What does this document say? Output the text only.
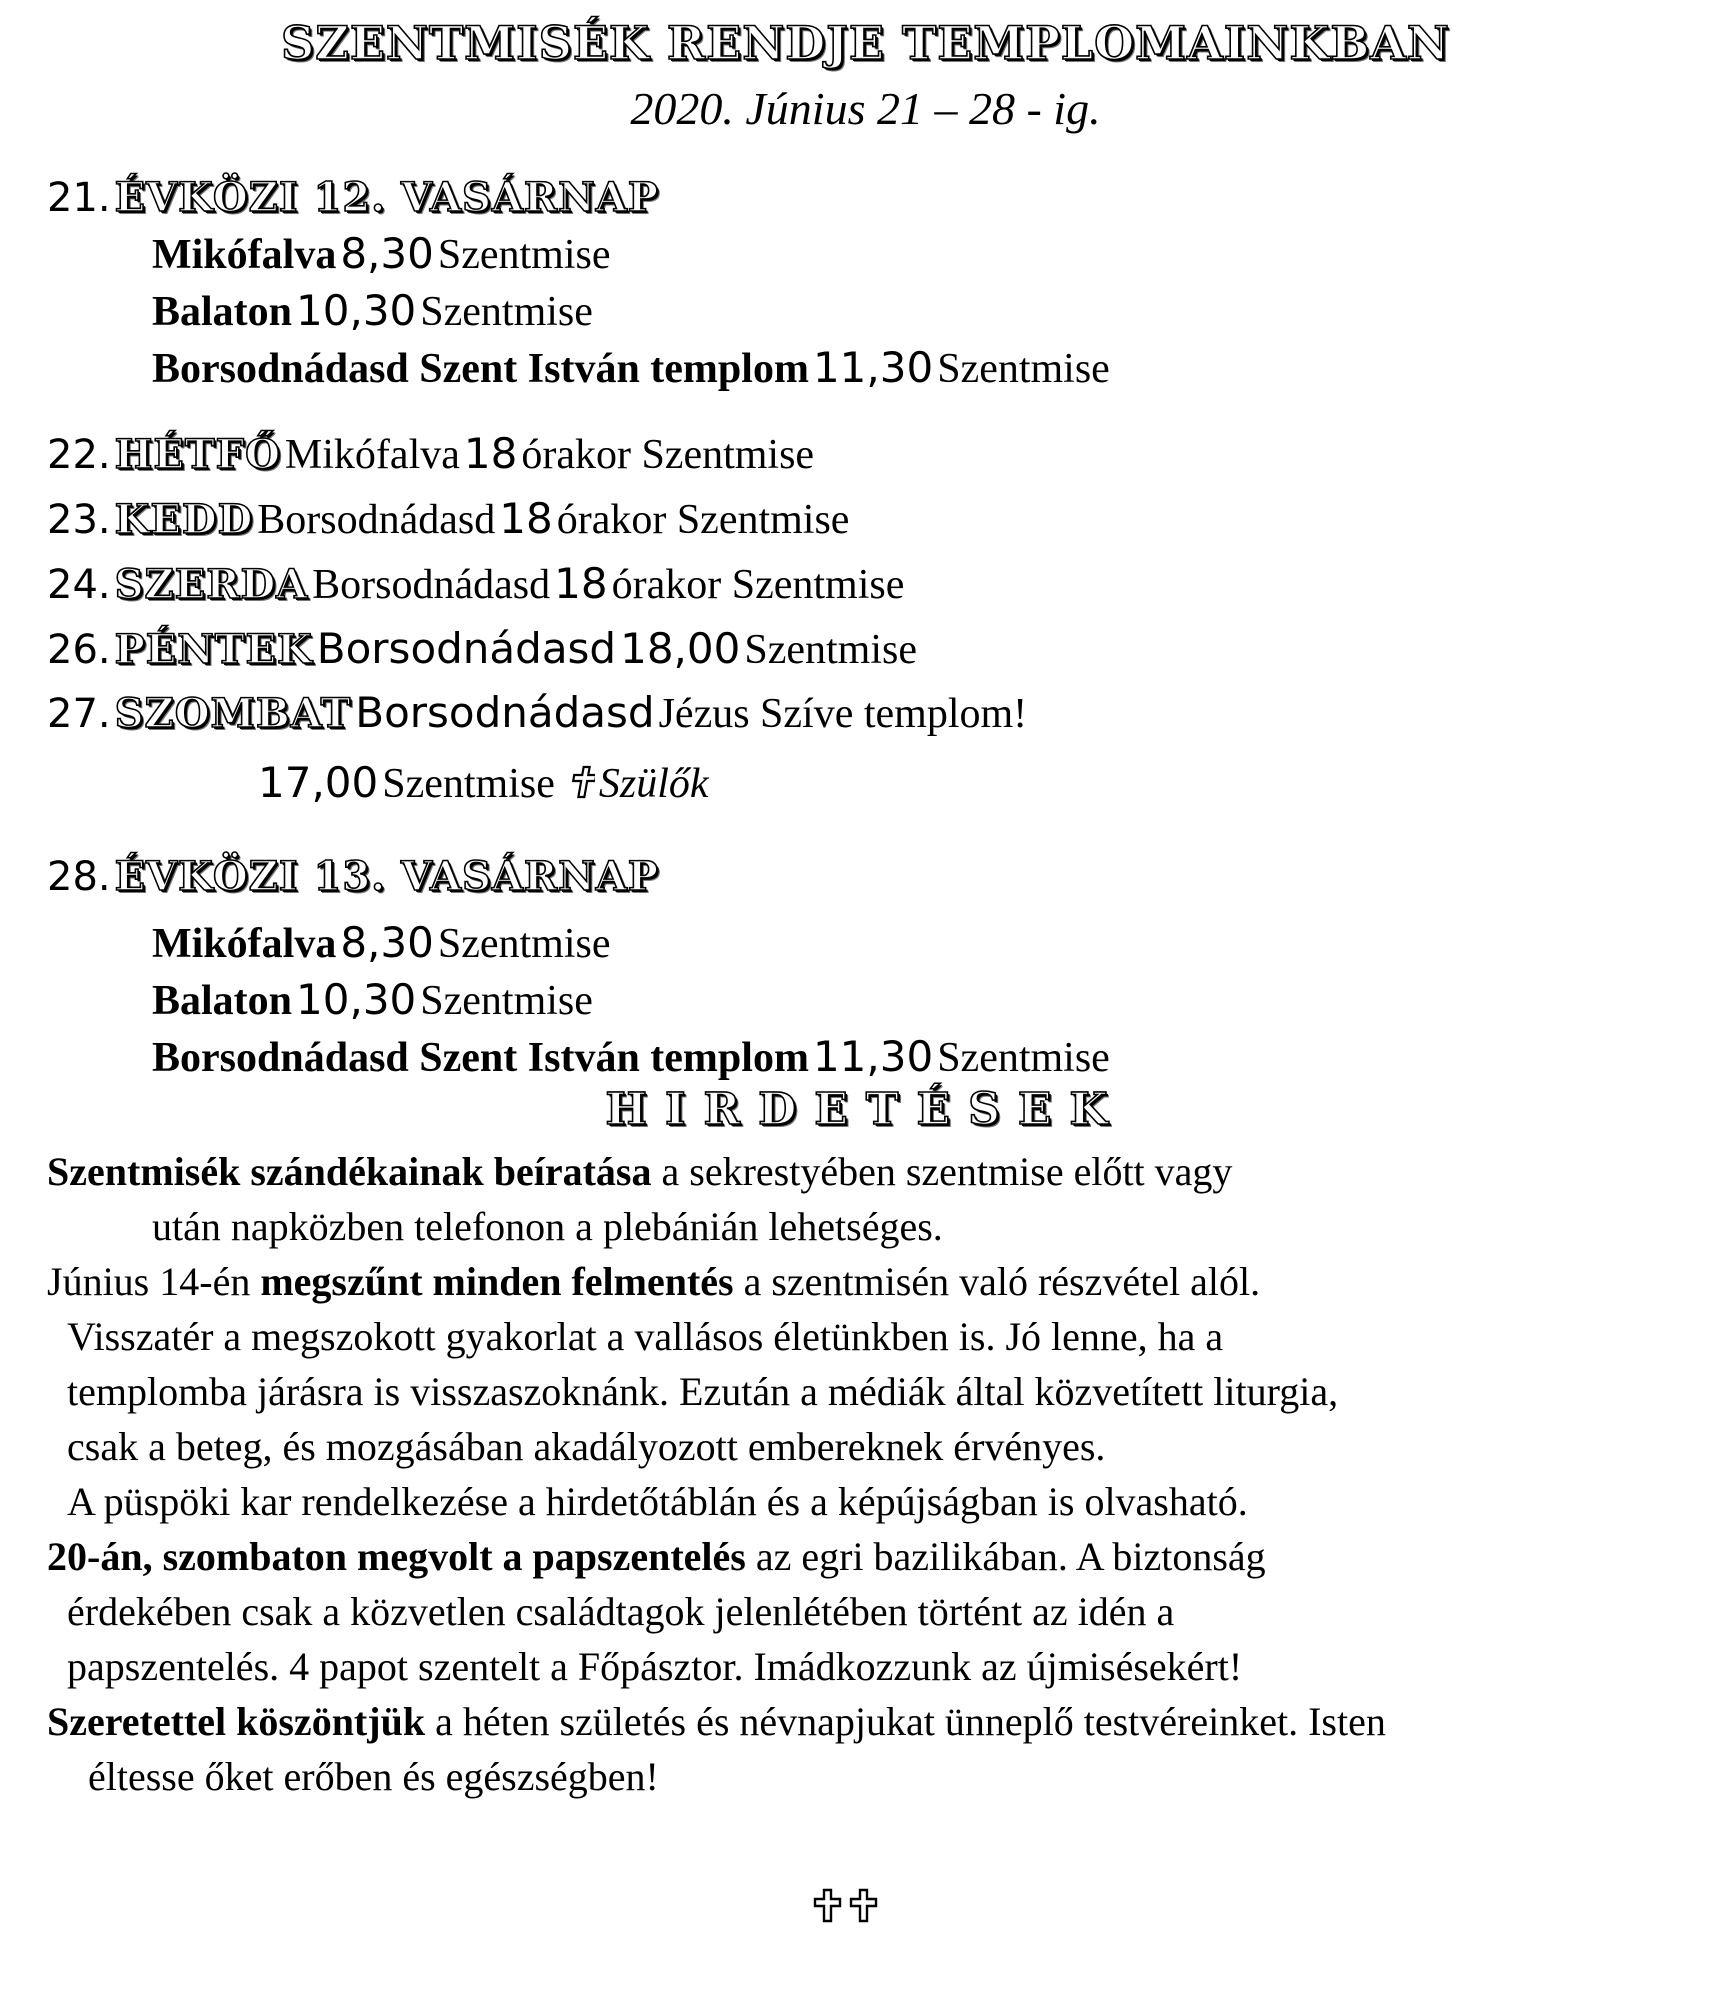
SZENTMISÉK RENDJE TEMPLOMAINKBAN
2020. Június 21 – 28 - ig.
21. ÉVKÖZI 12. VASÁRNAP
Mikófalva 8,30 Szentmise
Balaton 10,30 Szentmise
Borsodnádasd Szent István templom 11,30 Szentmise
22. HÉTFŐ Mikófalva 18 órakor Szentmise
23. KEDD Borsodnádasd 18 órakor Szentmise
24. SZERDA Borsodnádasd 18 órakor Szentmise
26. PÉNTEK Borsodnádasd 18,00 Szentmise
27. SZOMBAT Borsodnádasd Jézus Szíve templom!
17,00 Szentmise Szülők
28. ÉVKÖZI 13. VASÁRNAP
Mikófalva 8,30 Szentmise
Balaton 10,30 Szentmise
Borsodnádasd Szent István templom 11,30 Szentmise
HIRDETÉSEK
Szentmisék szándékainak beíratása a sekrestyében szentmise előtt vagy
után napközben telefonon a plebánián lehetséges.
Június 14-én megszűnt minden felmentés a szentmisén való részvétel alól.
Visszatér a megszokott gyakorlat a vallásos életünkben is. Jó lenne, ha a
templomba járásra is visszaszoknánk. Ezután a médiák által közvetített liturgia,
csak a beteg, és mozgásában akadályozott embereknek érvényes.
A püspöki kar rendelkezése a hirdetőtáblán és a képújságban is olvasható.
20-án, szombaton megvolt a papszentelés az egri bazilikában. A biztonság
érdekében csak a közvetlen családtagok jelenlétében történt az idén a
papszentelés. 4 papot szentelt a Főpásztor. Imádkozzunk az újmisésekért!
Szeretettel köszöntjük a héten születés és névnapjukat ünneplő testvéreinket. Isten
éltesse őket erőben és egészségben!
